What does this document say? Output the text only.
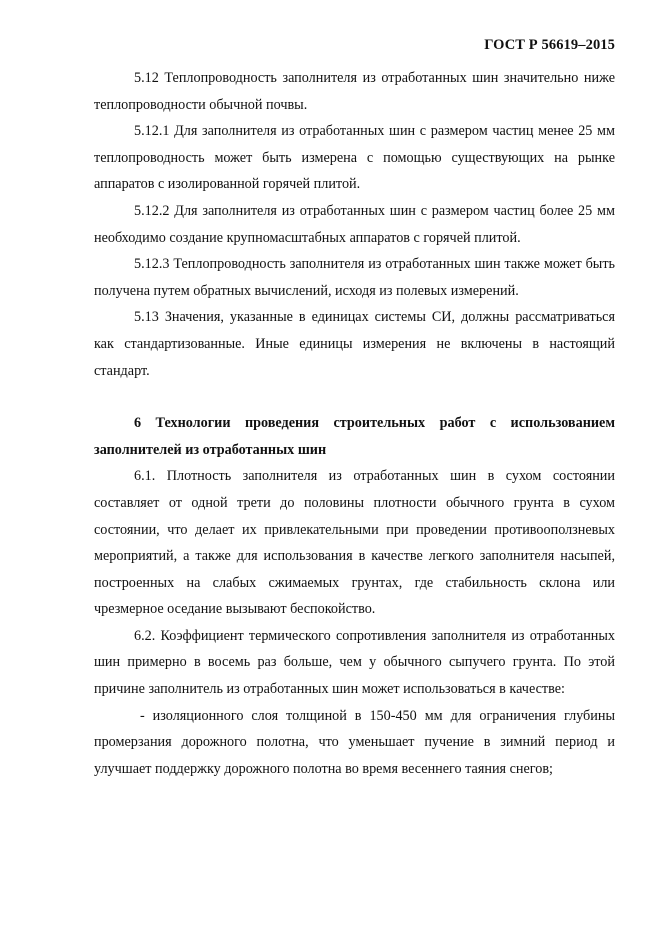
ГОСТ Р 56619–2015

5.12 Теплопроводность заполнителя из отработанных шин значительно ниже теплопроводности обычной почвы.

5.12.1 Для заполнителя из отработанных шин с размером частиц менее 25 мм теплопроводность может быть измерена с помощью существующих на рынке аппаратов с изолированной горячей плитой.

5.12.2 Для заполнителя из отработанных шин с размером частиц более 25 мм необходимо создание крупномасштабных аппаратов с горячей плитой.

5.12.3 Теплопроводность заполнителя из отработанных шин также может быть получена путем обратных вычислений, исходя из полевых измерений.

5.13 Значения, указанные в единицах системы СИ, должны рассматриваться как стандартизованные. Иные единицы измерения не включены в настоящий стандарт.

6 Технологии проведения строительных работ с использованием заполнителей из отработанных шин

6.1. Плотность заполнителя из отработанных шин в сухом состоянии составляет от одной трети до половины плотности обычного грунта в сухом состоянии, что делает их привлекательными при проведении противооползневых мероприятий, а также для использования в качестве легкого заполнителя насыпей, построенных на слабых сжимаемых грунтах, где стабильность склона или чрезмерное оседание вызывают беспокойство.

6.2. Коэффициент термического сопротивления заполнителя из отработанных шин примерно в восемь раз больше, чем у обычного сыпучего грунта. По этой причине заполнитель из отработанных шин может использоваться в качестве:

- изоляционного слоя толщиной в 150-450 мм для ограничения глубины промерзания дорожного полотна, что уменьшает пучение в зимний период и улучшает поддержку дорожного полотна во время весеннего таяния снегов;
